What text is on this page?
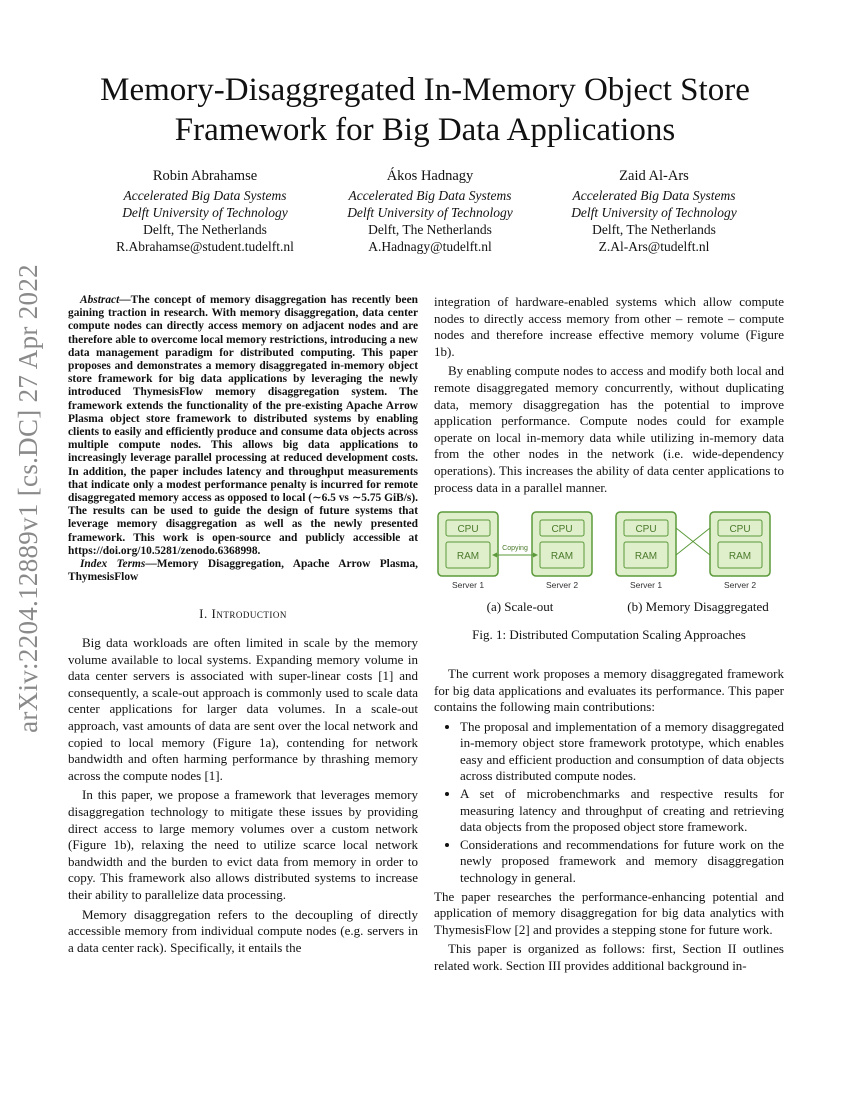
arXiv:2204.12889v1 [cs.DC] 27 Apr 2022
Memory-Disaggregated In-Memory Object Store
Framework for Big Data Applications
Robin Abrahamse
Accelerated Big Data Systems
Delft University of Technology
Delft, The Netherlands
R.Abrahamse@student.tudelft.nl
Ákos Hadnagy
Accelerated Big Data Systems
Delft University of Technology
Delft, The Netherlands
A.Hadnagy@tudelft.nl
Zaid Al-Ars
Accelerated Big Data Systems
Delft University of Technology
Delft, The Netherlands
Z.Al-Ars@tudelft.nl

Abstract—The concept of memory disaggregation has recently been gaining traction in research. With memory disaggregation, data center compute nodes can directly access memory on adjacent nodes and are therefore able to overcome local memory restrictions, introducing a new data management paradigm for distributed computing. This paper proposes and demonstrates a memory disaggregated in-memory object store framework for big data applications by leveraging the newly introduced ThymesisFlow memory disaggregation system. The framework extends the functionality of the pre-existing Apache Arrow Plasma object store framework to distributed systems by enabling clients to easily and efficiently produce and consume data objects across multiple compute nodes. This allows big data applications to increasingly leverage parallel processing at reduced development costs. In addition, the paper includes latency and throughput measurements that indicate only a modest performance penalty is incurred for remote disaggregated memory access as opposed to local (∼6.5 vs ∼5.75 GiB/s). The results can be used to guide the design of future systems that leverage memory disaggregation as well as the newly presented framework. This work is open-source and publicly accessible at https://doi.org/10.5281/zenodo.6368998.

Index Terms—Memory Disaggregation, Apache Arrow Plasma, ThymesisFlow

I. Introduction

Big data workloads are often limited in scale by the memory volume available to local systems. Expanding memory volume in data center servers is associated with super-linear costs [1] and consequently, a scale-out approach is commonly used to scale data center applications for larger data volumes. In a scale-out approach, vast amounts of data are sent over the local network and copied to local memory (Figure 1a), contending for network bandwidth and often harming performance by thrashing memory across the compute nodes [1].

In this paper, we propose a framework that leverages memory disaggregation technology to mitigate these issues by providing direct access to large memory volumes over a custom network (Figure 1b), relaxing the need to utilize scarce local network bandwidth and the burden to evict data from memory in order to copy. This framework also allows distributed systems to increase their ability to parallelize data processing.

Memory disaggregation refers to the decoupling of directly accessible memory from individual compute nodes (e.g. servers in a data center rack). Specifically, it entails the

integration of hardware-enabled systems which allow compute nodes to directly access memory from other – remote – compute nodes and therefore increase effective memory volume (Figure 1b).

By enabling compute nodes to access and modify both local and remote disaggregated memory concurrently, without duplicating data, memory disaggregation has the potential to improve application performance. Compute nodes could for example operate on local in-memory data while utilizing in-memory data from the other nodes in the network (i.e. wide-dependency operations). This increases the ability of data center applications to process data in a parallel manner.

CPU
RAM
Server 1
CPU
RAM
Server 2
Copying
(a) Scale-out
CPU
RAM
Server 1
CPU
RAM
Server 2
(b) Memory Disaggregated
Fig. 1: Distributed Computation Scaling Approaches

The current work proposes a memory disaggregated framework for big data applications and evaluates its performance. This paper contains the following main contributions:

• The proposal and implementation of a memory disaggregated in-memory object store framework prototype, which enables easy and efficient production and consumption of data objects across distributed compute nodes.
• A set of microbenchmarks and respective results for measuring latency and throughput of creating and retrieving data objects from the proposed object store framework.
• Considerations and recommendations for future work on the newly proposed framework and memory disaggregation technology in general.

The paper researches the performance-enhancing potential and application of memory disaggregation for big data analytics with ThymesisFlow [2] and provides a stepping stone for future work.

This paper is organized as follows: first, Section II outlines related work. Section III provides additional background in-
